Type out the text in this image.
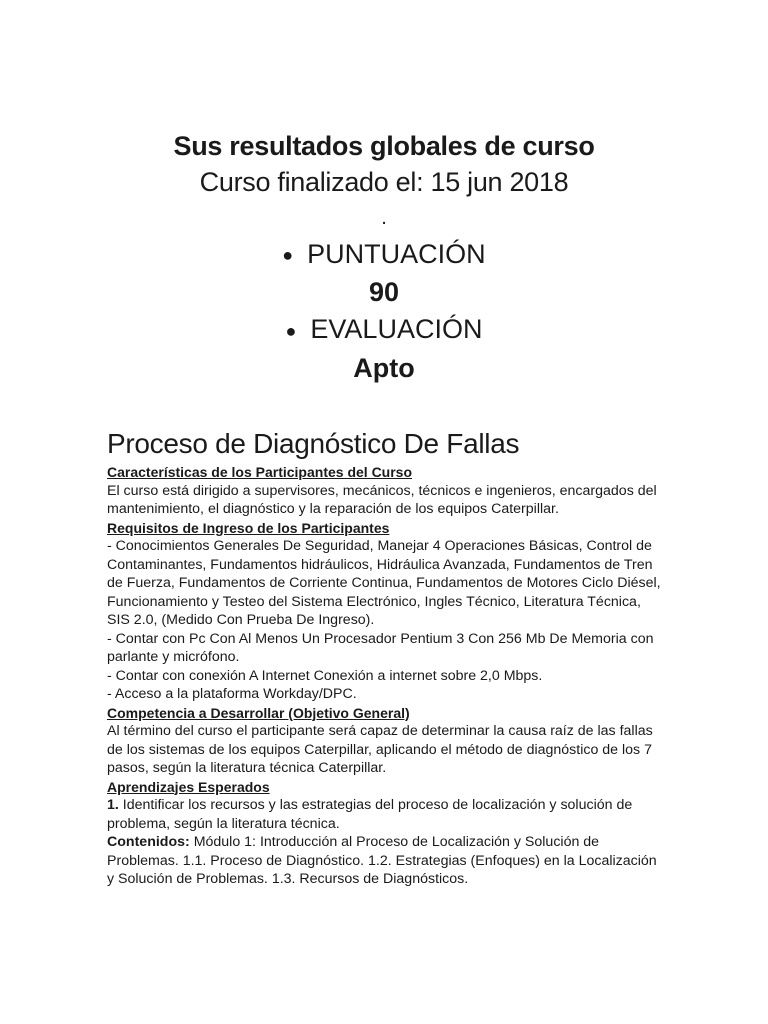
Sus resultados globales de curso
Curso finalizado el: 15 jun 2018
.
● PUNTUACIÓN
90
● EVALUACIÓN
Apto
Proceso de Diagnóstico De Fallas
Características de los Participantes del Curso
El curso está dirigido a supervisores, mecánicos, técnicos e ingenieros, encargados del mantenimiento, el diagnóstico y la reparación de los equipos Caterpillar.
Requisitos de Ingreso de los Participantes
- Conocimientos Generales De Seguridad, Manejar 4 Operaciones Básicas, Control de Contaminantes, Fundamentos hidráulicos, Hidráulica Avanzada, Fundamentos de Tren de Fuerza, Fundamentos de Corriente Continua, Fundamentos de Motores Ciclo Diésel, Funcionamiento y Testeo del Sistema Electrónico, Ingles Técnico, Literatura Técnica, SIS 2.0, (Medido Con Prueba De Ingreso).
- Contar con Pc Con Al Menos Un Procesador Pentium 3 Con 256 Mb De Memoria con parlante y micrófono.
- Contar con conexión A Internet Conexión a internet sobre 2,0 Mbps.
- Acceso a la plataforma Workday/DPC.
Competencia a Desarrollar (Objetivo General)
Al término del curso el participante será capaz de determinar la causa raíz de las fallas de los sistemas de los equipos Caterpillar, aplicando el método de diagnóstico de los 7 pasos, según la literatura técnica Caterpillar.
Aprendizajes Esperados
1. Identificar los recursos y las estrategias del proceso de localización y solución de problema, según la literatura técnica.
Contenidos: Módulo 1: Introducción al Proceso de Localización y Solución de Problemas. 1.1. Proceso de Diagnóstico. 1.2. Estrategias (Enfoques) en la Localización y Solución de Problemas. 1.3. Recursos de Diagnósticos.
